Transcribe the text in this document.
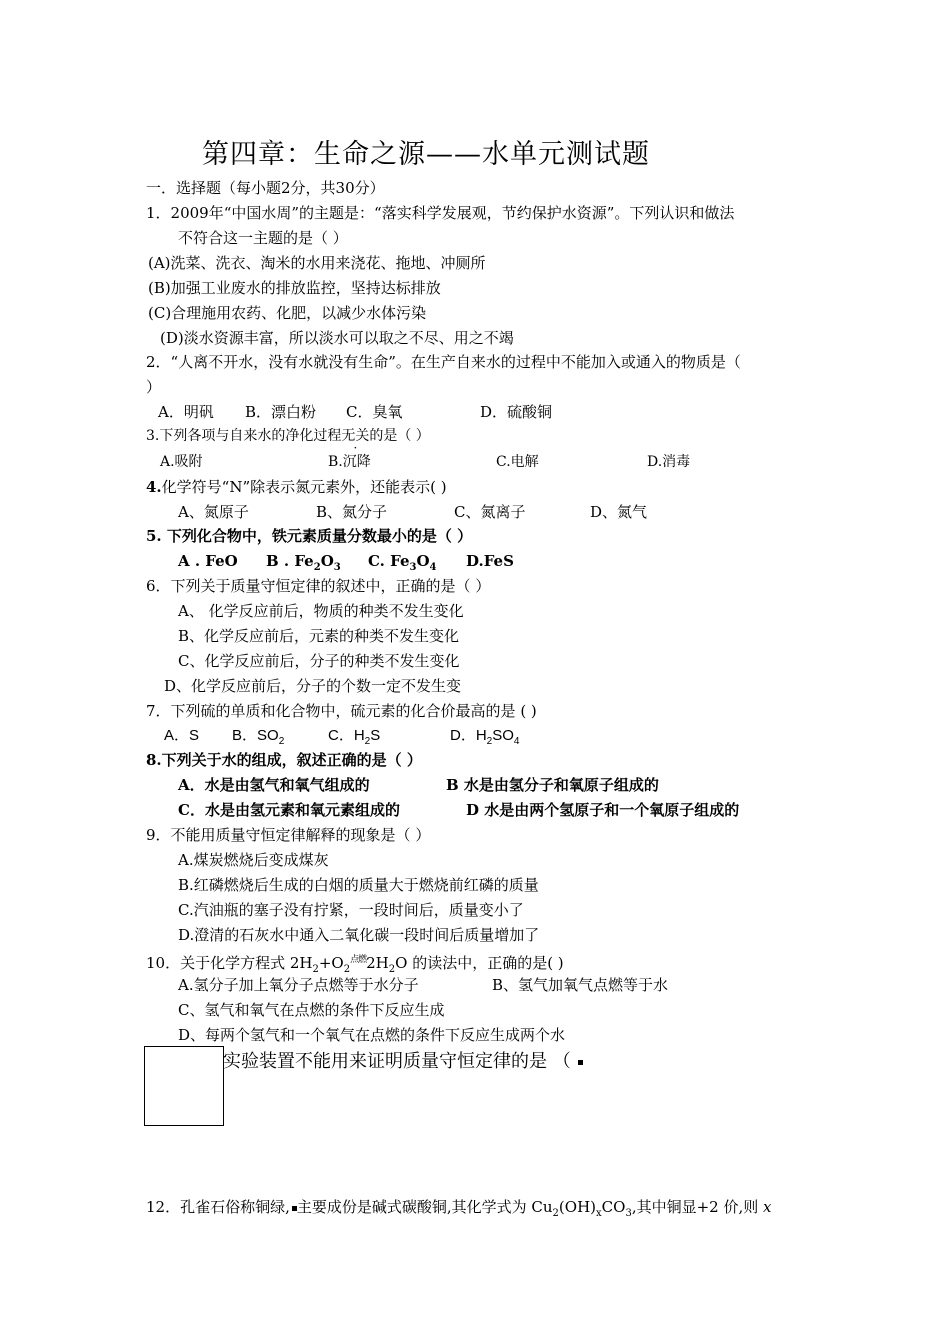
第四章：生命之源——水单元测试题
一．选择题（每小题2分，共30分）
1．2009年“中国水周”的主题是：“落实科学发展观，节约保护水资源”。下列认识和做法
不符合这一主题的是（ ）
(A)洗菜、洗衣、淘米的水用来浇花、拖地、冲厕所
(B)加强工业废水的排放监控，坚持达标排放
(C)合理施用农药、化肥，以减少水体污染
(D)淡水资源丰富，所以淡水可以取之不尽、用之不竭
2．“人离不开水，没有水就没有生命”。在生产自来水的过程中不能加入或通入的物质是（
）
A．明矾 B．漂白粉 C．臭氧	D．硫酸铜
3.下列各项与自来水的净化过程无关的是（ ）
A.吸附	B.沉降	C.电解	D.消毒
4.化学符号“N”除表示氮元素外，还能表示( )
A、氮原子	B、氮分子	C、氮离子	D、氮气
5. 下列化合物中，铁元素质量分数最小的是（ ）
A . FeO B . $Fe_2O_3$ C. $Fe_3O_4$ D.FeS
6．下列关于质量守恒定律的叙述中，正确的是（ ）
A、 化学反应前后，物质的种类不发生变化
B、化学反应前后，元素的种类不发生变化
C、化学反应前后，分子的种类不发生变化
D、化学反应前后，分子的个数一定不发生变
7．下列硫的单质和化合物中，硫元素的化合价最高的是 ( )
A．S B．$SO_2$	C．$H_2S$	D．$H_2SO_4$
8.下列关于水的组成，叙述正确的是（ ）
A．水是由氢气和氧气组成的	B 水是由氢分子和氧原子组成的
C．水是由氢元素和氧元素组成的	D 水是由两个氢原子和一个氧原子组成的
9．不能用质量守恒定律解释的现象是（ ）
A.煤炭燃烧后变成煤灰
B.红磷燃烧后生成的白烟的质量大于燃烧前红磷的质量
C.汽油瓶的塞子没有拧紧，一段时间后，质量变小了
D.澄清的石灰水中通入二氧化碳一段时间后质量增加了
10．关于化学方程式 $2H_2+O_2^{点燃}2H_2O$ 的读法中，正确的是( )
A.氢分子加上氧分子点燃等于水分子	B、氢气加氧气点燃等于水
C、氢气和氧气在点燃的条件下反应生成
D、每两个氢气和一个氧气在点燃的条件下反应生成两个水
实验装置不能用来证明质量守恒定律的是 （
12．孔雀石俗称铜绿, 主要成份是碱式碳酸铜,其化学式为 $Cu_2(OH)_xCO_3$,其中铜显+2 价,则 x
